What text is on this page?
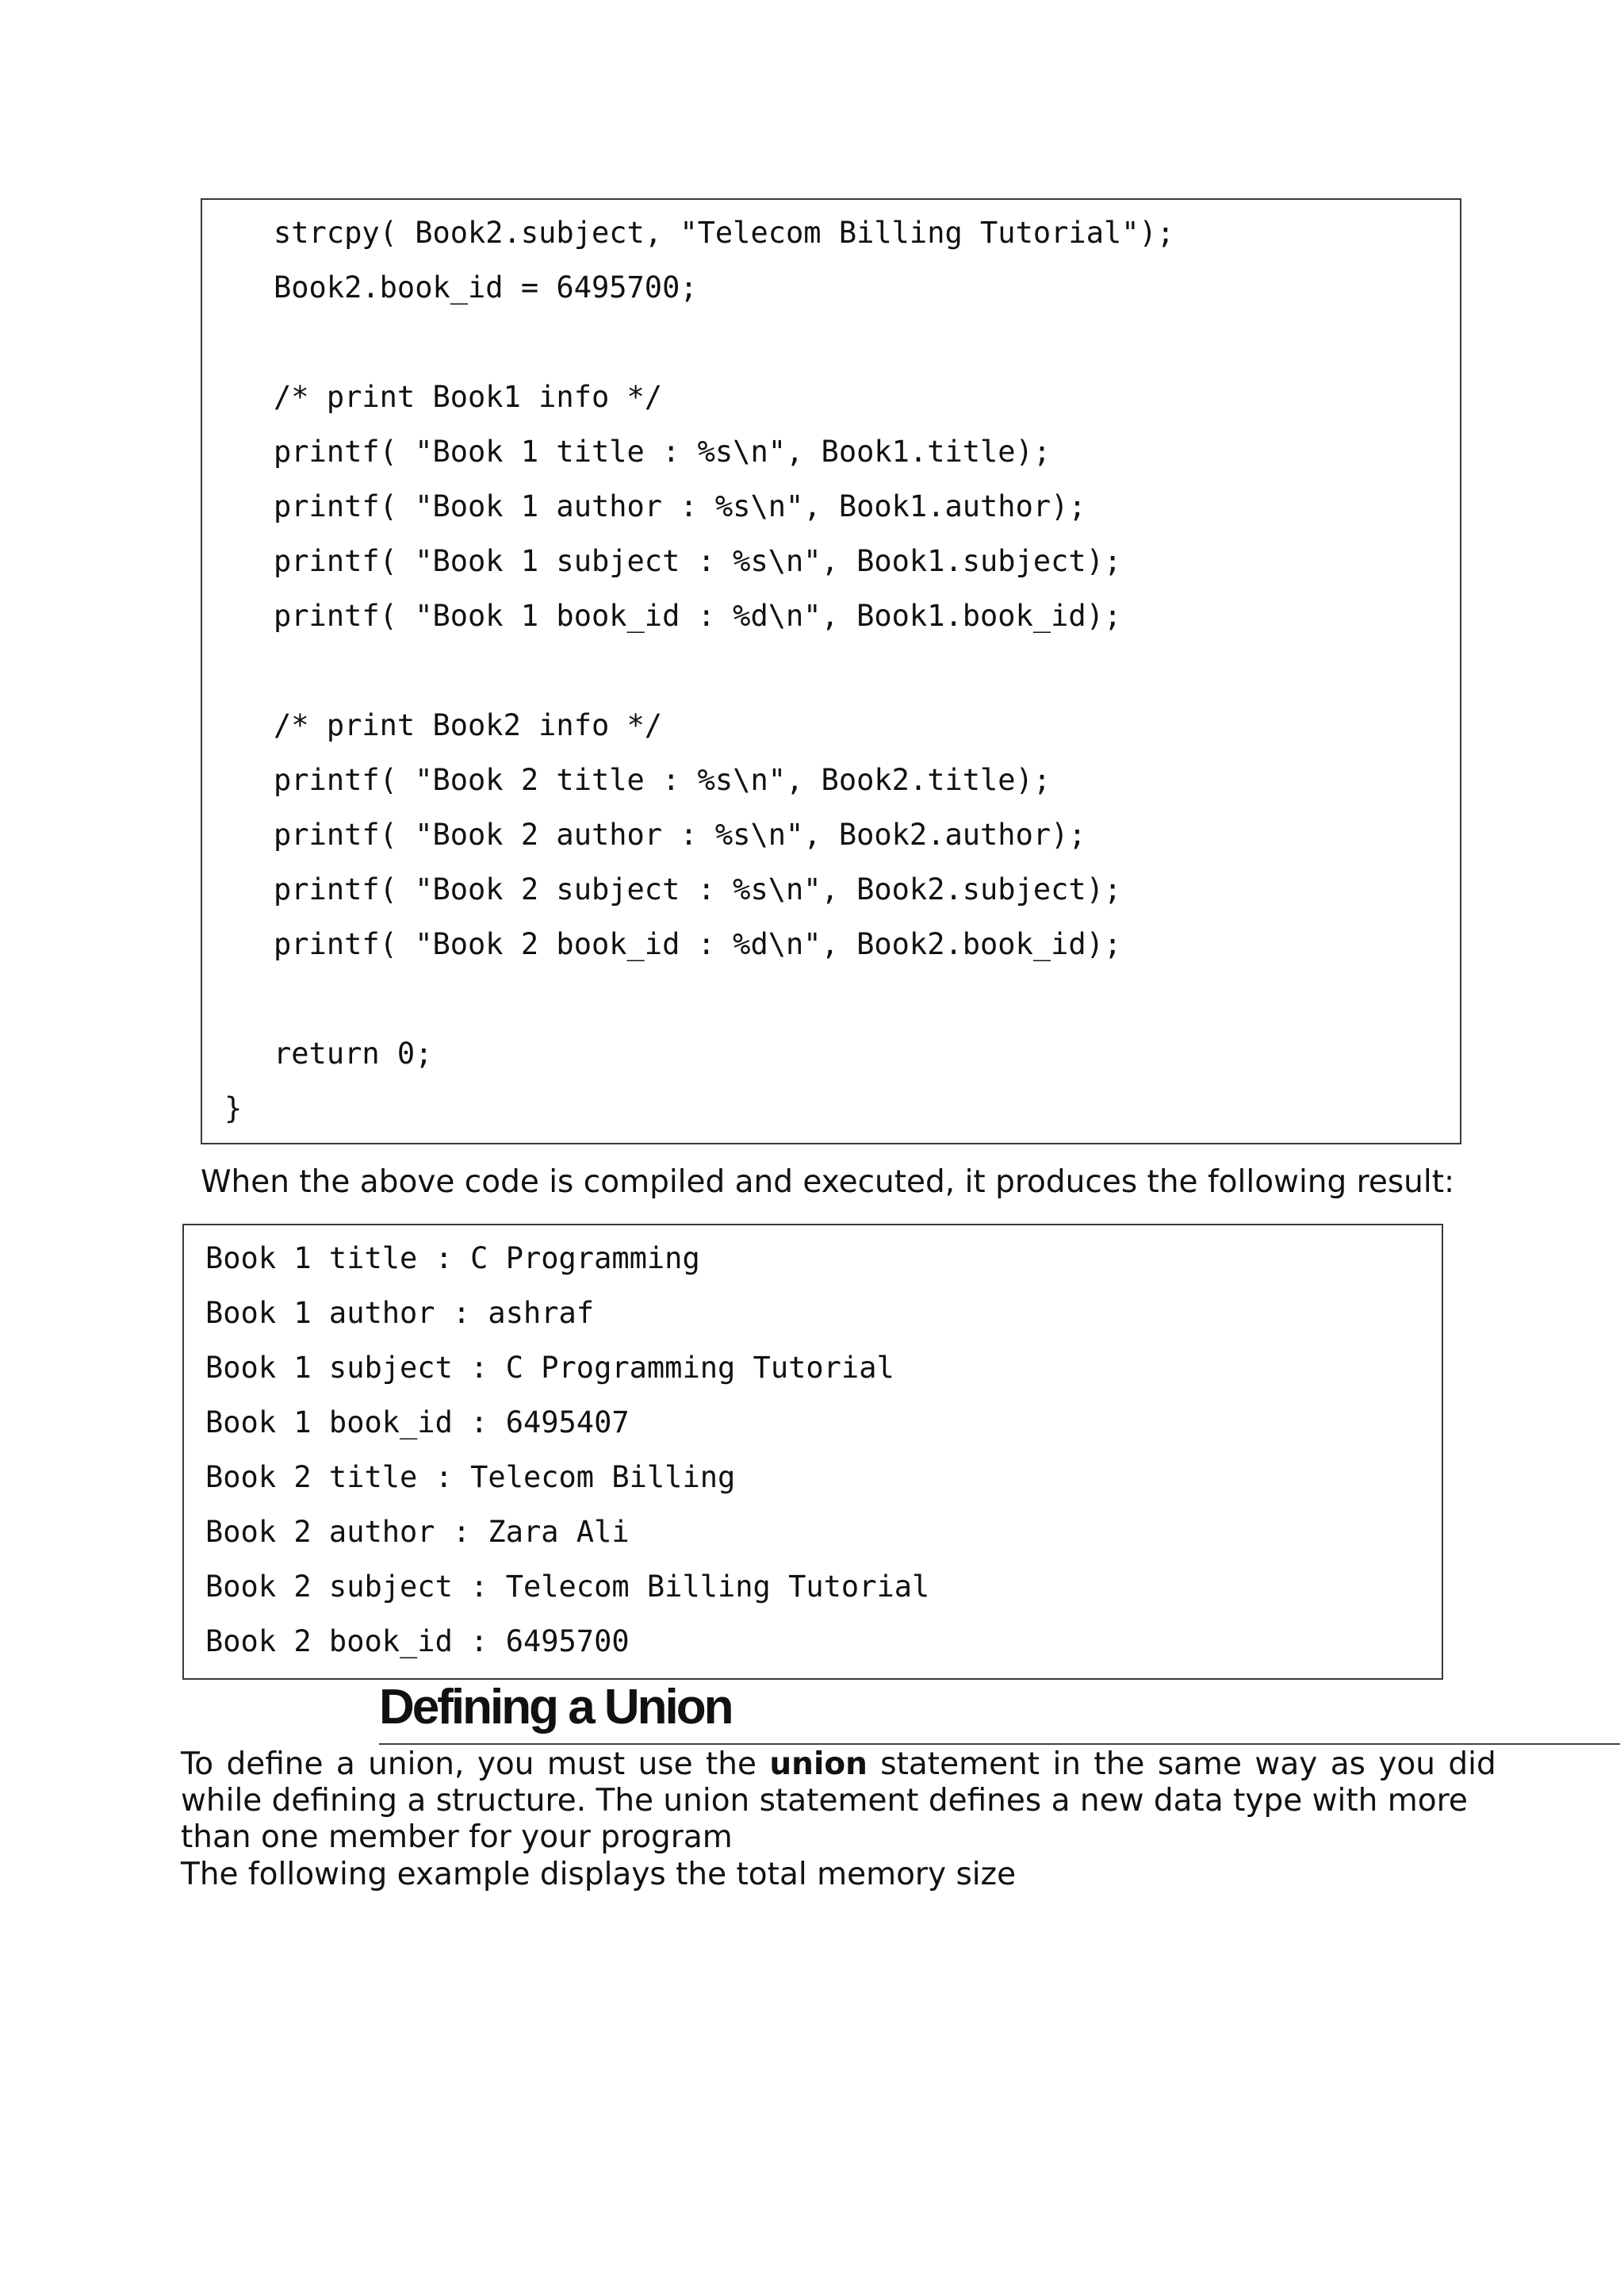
strcpy( Book2.subject, "Telecom Billing Tutorial");
Book2.book_id = 6495700;
/* print Book1 info */
printf( "Book 1 title : %s\n", Book1.title);
printf( "Book 1 author : %s\n", Book1.author);
printf( "Book 1 subject : %s\n", Book1.subject);
printf( "Book 1 book_id : %d\n", Book1.book_id);
/* print Book2 info */
printf( "Book 2 title : %s\n", Book2.title);
printf( "Book 2 author : %s\n", Book2.author);
printf( "Book 2 subject : %s\n", Book2.subject);
printf( "Book 2 book_id : %d\n", Book2.book_id);
return 0;
}
When the above code is compiled and executed, it produces the following result:
Book 1 title : C Programming
Book 1 author : ashraf
Book 1 subject : C Programming Tutorial
Book 1 book_id : 6495407
Book 2 title : Telecom Billing
Book 2 author : Zara Ali
Book 2 subject : Telecom Billing Tutorial
Book 2 book_id : 6495700
Defining a Union
To define a union, you must use the union statement in the same way as you did
while defining a structure. The union statement defines a new data type with more
than one member for your program
The following example displays the total memory size
